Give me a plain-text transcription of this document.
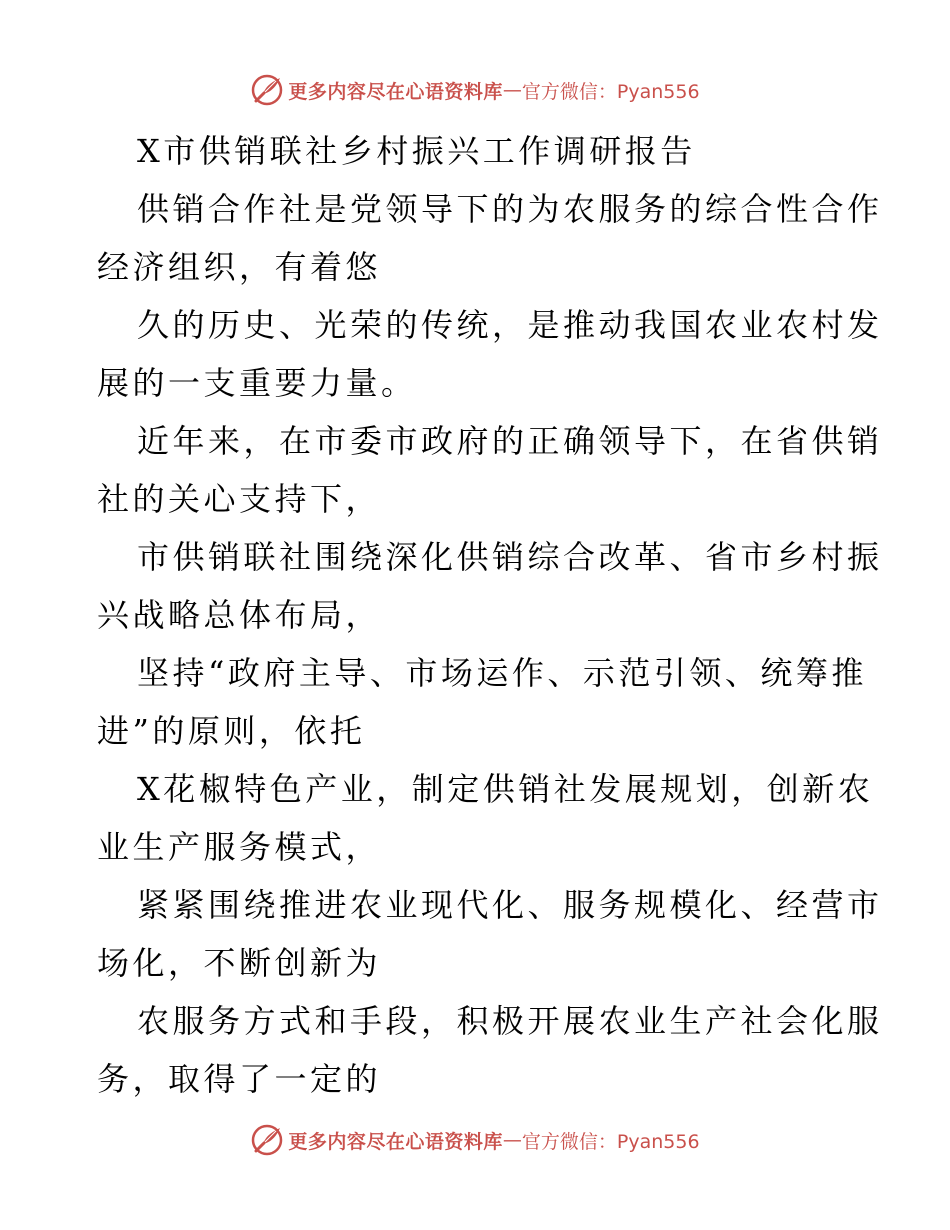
更多内容尽在心语资料库 — 官方微信：Pyan556
X市供销联社乡村振兴工作调研报告
供销合作社是党领导下的为农服务的综合性合作
经济组织，有着悠
久的历史、光荣的传统，是推动我国农业农村发
展的一支重要力量。
近年来，在市委市政府的正确领导下，在省供销
社的关心支持下，
市供销联社围绕深化供销综合改革、省市乡村振
兴战略总体布局，
坚持“政府主导、市场运作、示范引领、统筹推
进”的原则，依托
X花椒特色产业，制定供销社发展规划，创新农
业生产服务模式，
紧紧围绕推进农业现代化、服务规模化、经营市
场化，不断创新为
农服务方式和手段，积极开展农业生产社会化服
务，取得了一定的
更多内容尽在心语资料库 — 官方微信：Pyan556
